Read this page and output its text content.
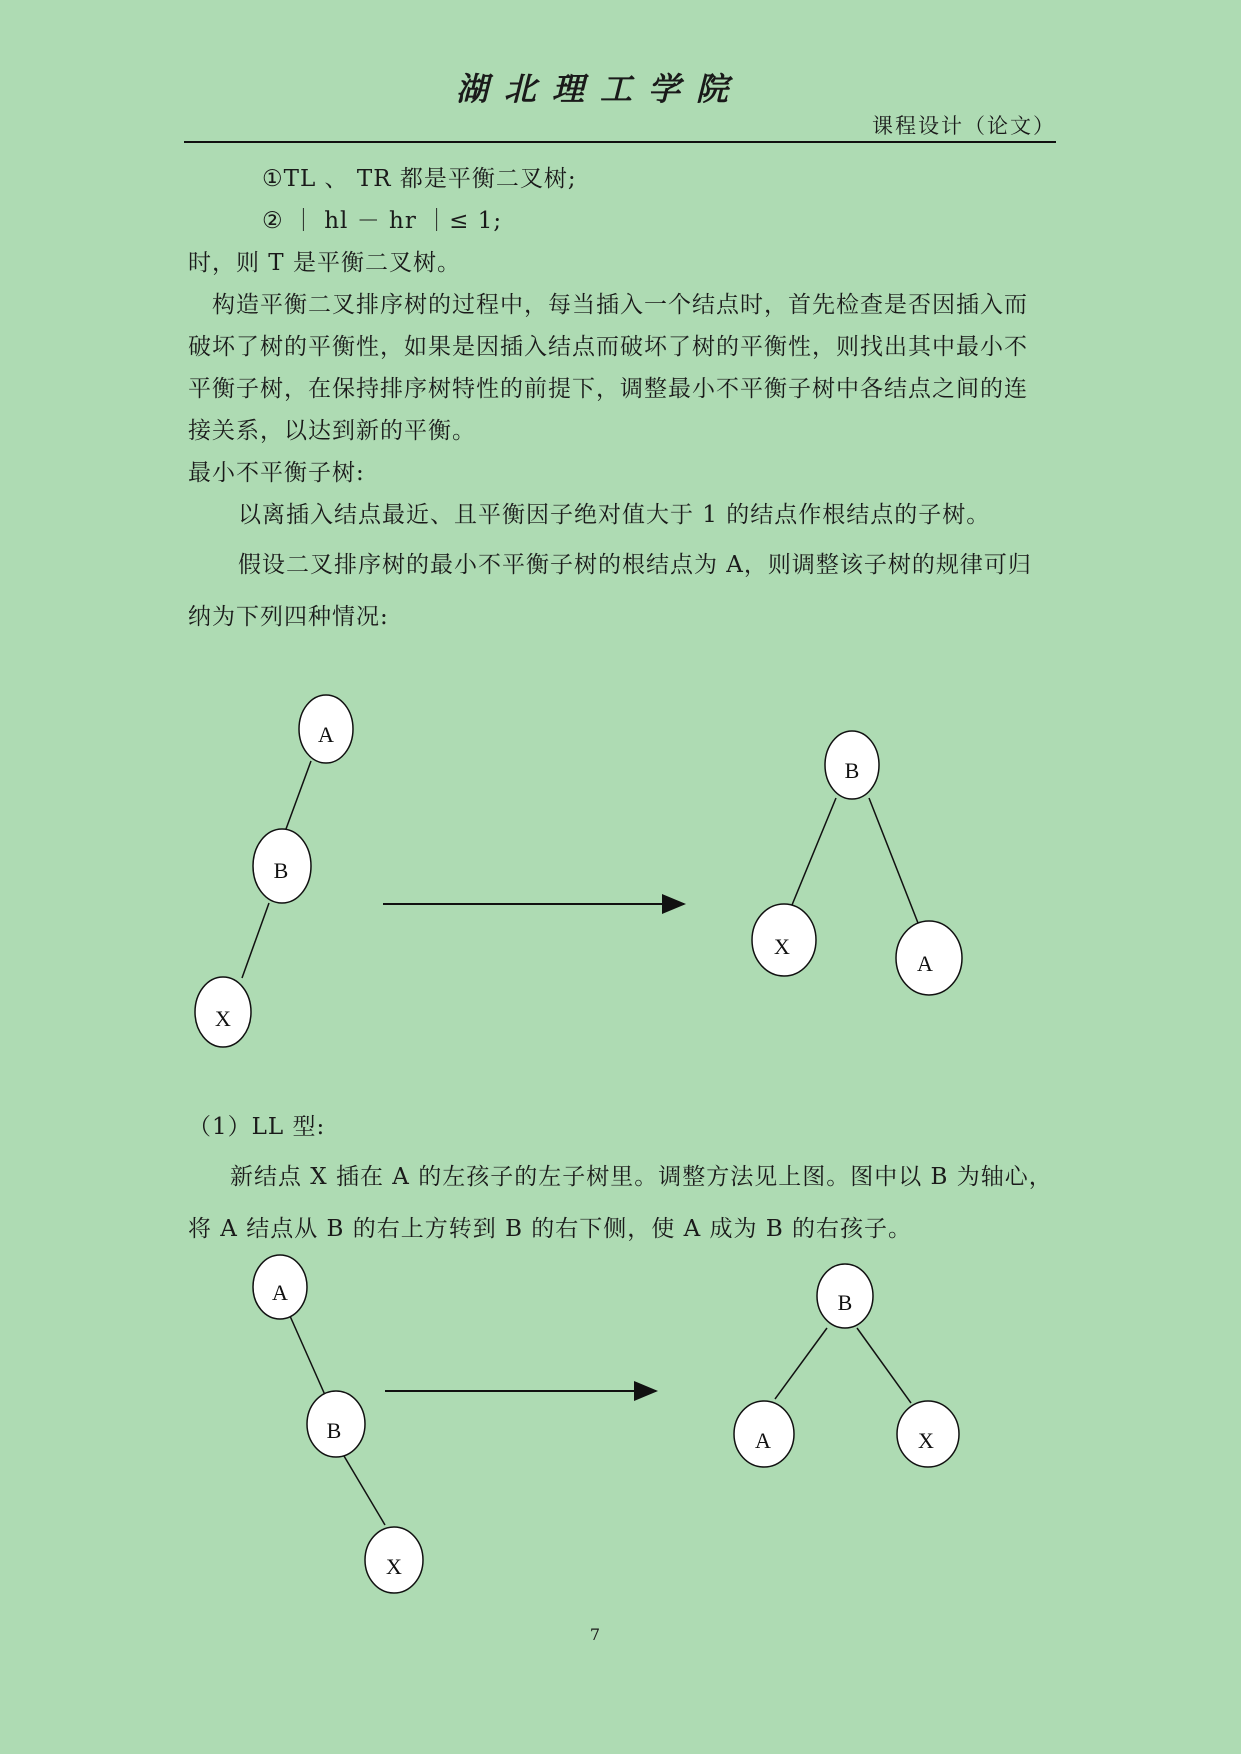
湖北理工学院
课程设计（论文）
①TL 、 TR 都是平衡二叉树;
② ｜ hl － hr ｜≤ 1;
时，则 T 是平衡二叉树。
构造平衡二叉排序树的过程中，每当插入一个结点时，首先检查是否因插入而
破坏了树的平衡性，如果是因插入结点而破坏了树的平衡性，则找出其中最小不
平衡子树，在保持排序树特性的前提下，调整最小不平衡子树中各结点之间的连
接关系，以达到新的平衡。
最小不平衡子树:
以离插入结点最近、且平衡因子绝对值大于 1 的结点作根结点的子树。
假设二叉排序树的最小不平衡子树的根结点为 A，则调整该子树的规律可归
纳为下列四种情况:
A
B
X
B
X
A
A
B
X
B
A	X
（1）LL 型:
新结点 X 插在 A 的左孩子的左子树里。调整方法见上图。图中以 B 为轴心，
将 A 结点从 B 的右上方转到 B 的右下侧，使 A 成为 B 的右孩子。
7
